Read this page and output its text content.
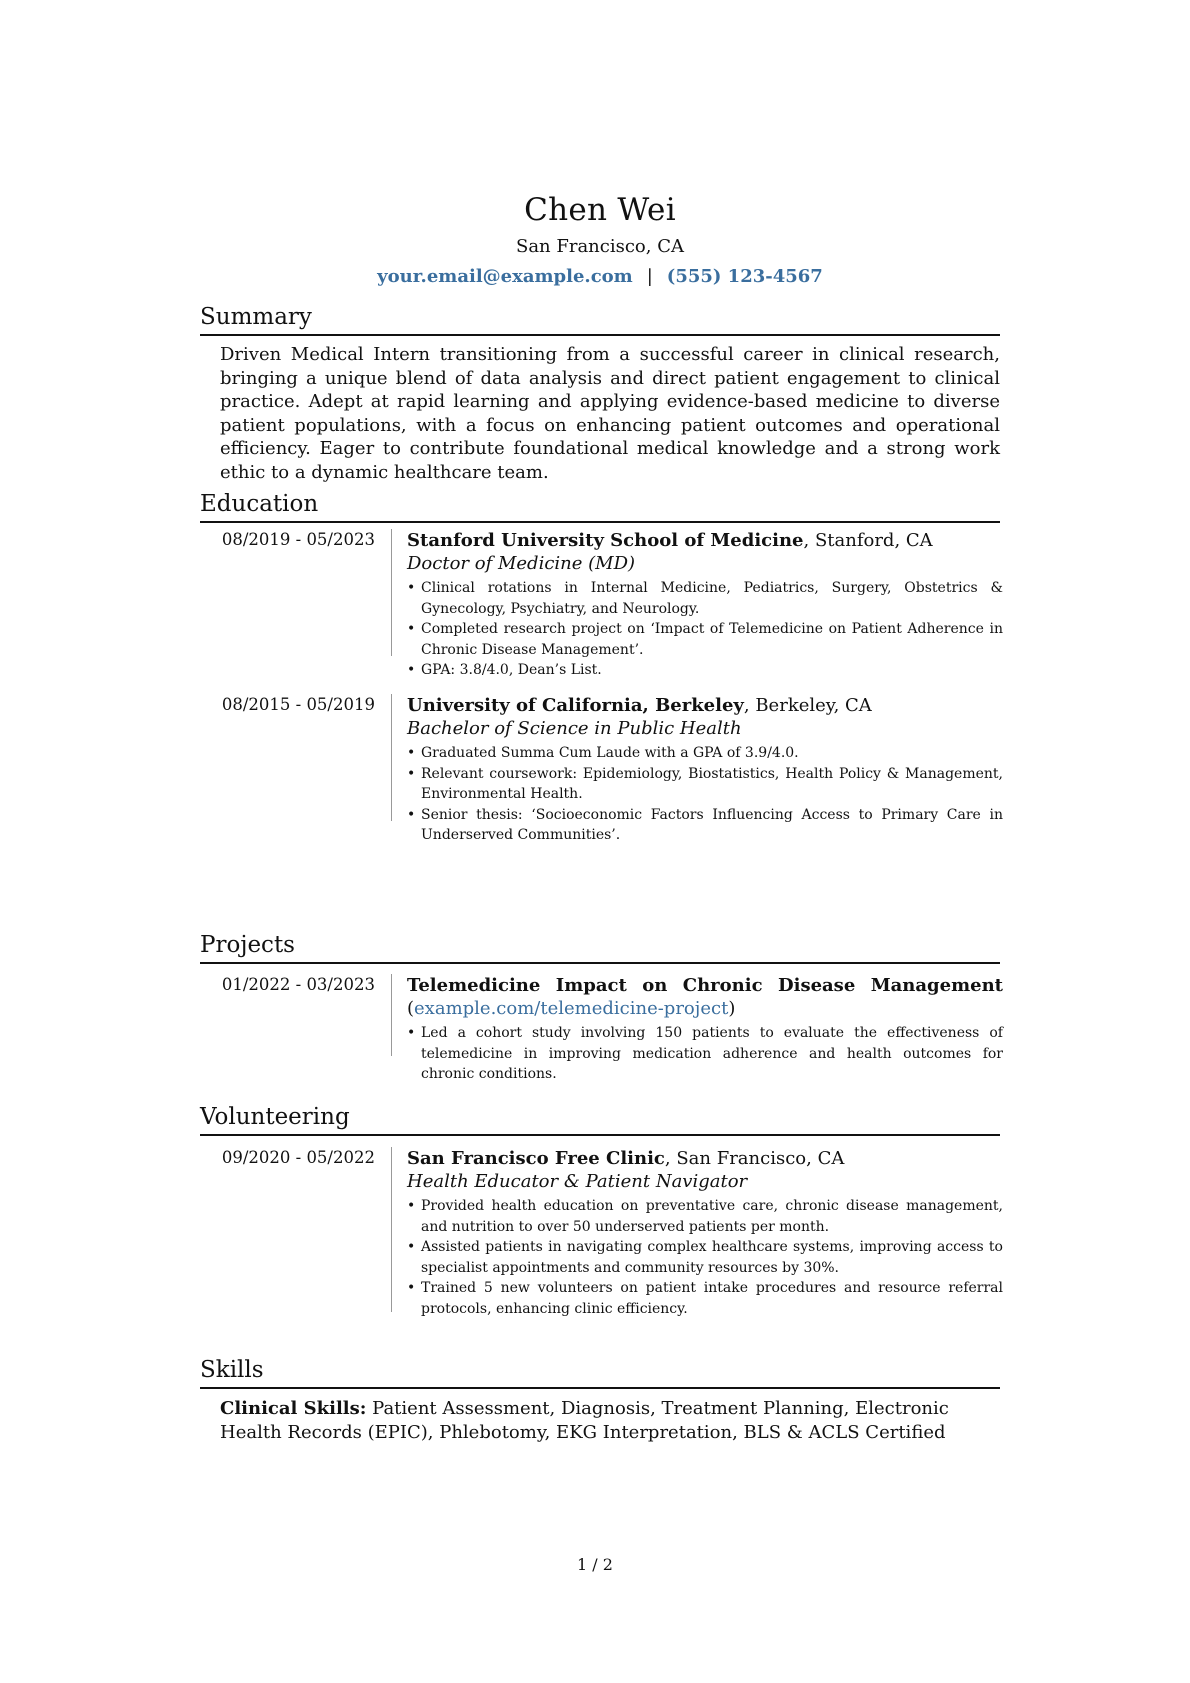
Chen Wei
San Francisco, CA
your.email@example.com | (555) 123-4567
Summary
Driven Medical Intern transitioning from a successful career in clinical research, bringing a unique blend of data analysis and direct patient engagement to clinical practice. Adept at rapid learning and applying evidence-based medicine to diverse patient populations, with a focus on enhancing patient outcomes and operational efficiency. Eager to contribute foundational medical knowledge and a strong work ethic to a dynamic healthcare team.
Education
08/2019 - 05/2023 Stanford University School of Medicine, Stanford, CA
Doctor of Medicine (MD)
• Clinical rotations in Internal Medicine, Pediatrics, Surgery, Obstetrics & Gynecology, Psychiatry, and Neurology.
• Completed research project on ‘Impact of Telemedicine on Patient Adherence in Chronic Disease Management’.
• GPA: 3.8/4.0, Dean’s List.
08/2015 - 05/2019 University of California, Berkeley, Berkeley, CA
Bachelor of Science in Public Health
• Graduated Summa Cum Laude with a GPA of 3.9/4.0.
• Relevant coursework: Epidemiology, Biostatistics, Health Policy & Management, Environmental Health.
• Senior thesis: ‘Socioeconomic Factors Influencing Access to Primary Care in Underserved Communities’.
Projects
01/2022 - 03/2023 Telemedicine Impact on Chronic Disease Management
(example.com/telemedicine-project)
• Led a cohort study involving 150 patients to evaluate the effectiveness of telemedicine in improving medication adherence and health outcomes for chronic conditions.
Volunteering
09/2020 - 05/2022 San Francisco Free Clinic, San Francisco, CA
Health Educator & Patient Navigator
• Provided health education on preventative care, chronic disease management, and nutrition to over 50 underserved patients per month.
• Assisted patients in navigating complex healthcare systems, improving access to specialist appointments and community resources by 30%.
• Trained 5 new volunteers on patient intake procedures and resource referral protocols, enhancing clinic efficiency.
Skills
Clinical Skills: Patient Assessment, Diagnosis, Treatment Planning, Electronic Health Records (EPIC), Phlebotomy, EKG Interpretation, BLS & ACLS Certified
1 / 2
